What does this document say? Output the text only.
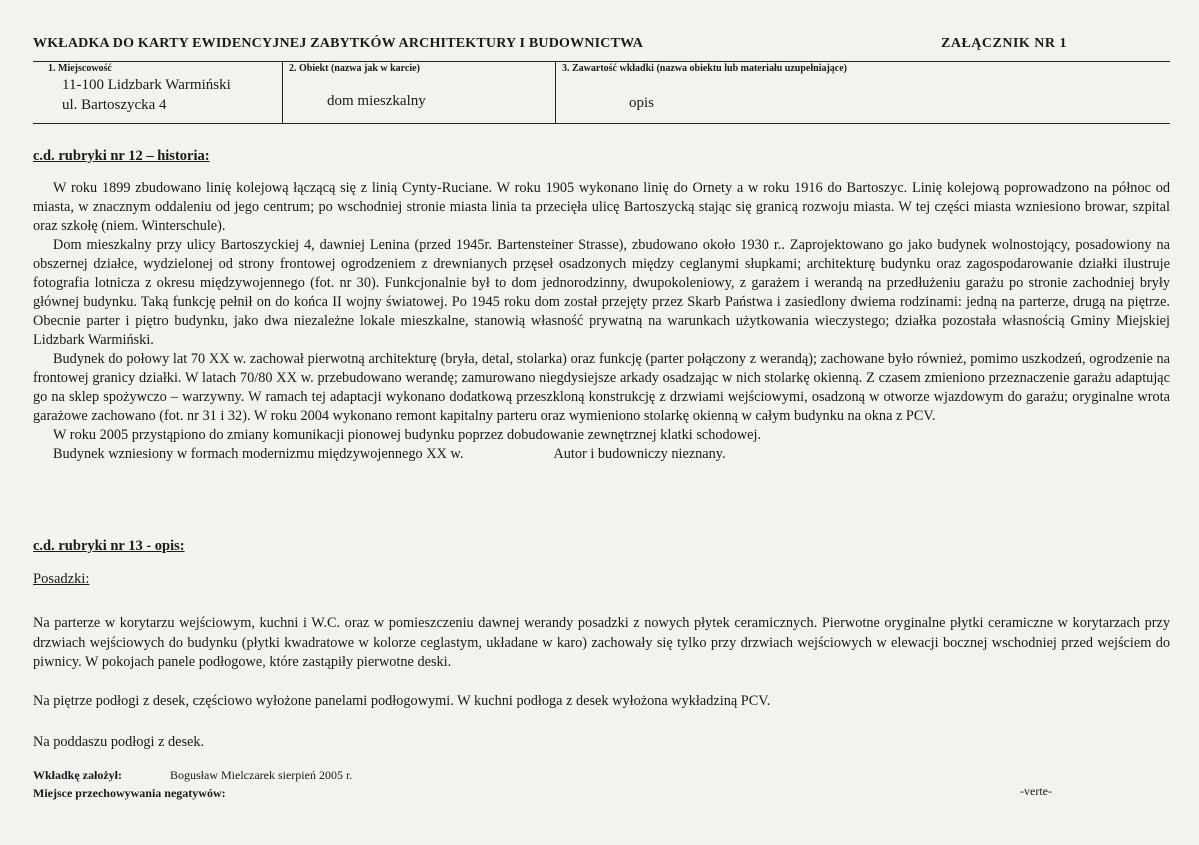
WKŁADKA DO KARTY EWIDENCYJNEJ ZABYTKÓW ARCHITEKTURY I BUDOWNICTWA	ZAŁĄCZNIK NR 1
1. Miejscowość
11-100 Lidzbark Warmiński
ul. Bartoszycka 4
2. Obiekt (nazwa jak w karcie)
dom mieszkalny
3. Zawartość wkładki (nazwa obiektu lub materiału uzupełniające)
opis
c.d. rubryki nr 12 – historia:

W roku 1899 zbudowano linię kolejową łączącą się z linią Cynty-Ruciane. W roku 1905 wykonano linię do Ornety a w roku 1916 do Bartoszyc. Linię kolejową poprowadzono na północ od miasta, w znacznym oddaleniu od jego centrum; po wschodniej stronie miasta linia ta przecięła ulicę Bartoszycką stając się granicą rozwoju miasta. W tej części miasta wzniesiono browar, szpital oraz szkołę (niem. Winterschule).

Dom mieszkalny przy ulicy Bartoszyckiej 4, dawniej Lenina (przed 1945r. Bartensteiner Strasse), zbudowano około 1930 r.. Zaprojektowano go jako budynek wolnostojący, posadowiony na obszernej działce, wydzielonej od strony frontowej ogrodzeniem z drewnianych przęseł osadzonych między ceglanymi słupkami; architekturę budynku oraz zagospodarowanie działki ilustruje fotografia lotnicza z okresu międzywojennego (fot. nr 30). Funkcjonalnie był to dom jednorodzinny, dwupokoleniowy, z garażem i werandą na przedłużeniu garażu po stronie zachodniej bryły głównej budynku. Taką funkcję pełnił on do końca II wojny światowej. Po 1945 roku dom został przejęty przez Skarb Państwa i zasiedlony dwiema rodzinami: jedną na parterze, drugą na piętrze. Obecnie parter i piętro budynku, jako dwa niezależne lokale mieszkalne, stanowią własność prywatną na warunkach użytkowania wieczystego; działka pozostała własnością Gminy Miejskiej Lidzbark Warmiński.

Budynek do połowy lat 70 XX w. zachował pierwotną architekturę (bryła, detal, stolarka) oraz funkcję (parter połączony z werandą); zachowane było również, pomimo uszkodzeń, ogrodzenie na frontowej granicy działki. W latach 70/80 XX w. przebudowano werandę; zamurowano niegdysiejsze arkady osadzając w nich stolarkę okienną. Z czasem zmieniono przeznaczenie garażu adaptując go na sklep spożywczo – warzywny. W ramach tej adaptacji wykonano dodatkową przeszkloną konstrukcję z drzwiami wejściowymi, osadzoną w otworze wjazdowym do garażu; oryginalne wrota garażowe zachowano (fot. nr 31 i 32). W roku 2004 wykonano remont kapitalny parteru oraz wymieniono stolarkę okienną w całym budynku na okna z PCV.

W roku 2005 przystąpiono do zmiany komunikacji pionowej budynku poprzez dobudowanie zewnętrznej klatki schodowej.

Budynek wzniesiony w formach modernizmu międzywojennego XX w.	Autor i budowniczy nieznany.

c.d. rubryki nr 13 - opis:
Posadzki:
Na parterze w korytarzu wejściowym, kuchni i W.C. oraz w pomieszczeniu dawnej werandy posadzki z nowych płytek ceramicznych. Pierwotne oryginalne płytki ceramiczne w korytarzach przy drzwiach wejściowych do budynku (płytki kwadratowe w kolorze ceglastym, układane w karo) zachowały się tylko przy drzwiach wejściowych w elewacji bocznej wschodniej przed wejściem do piwnicy. W pokojach panele podłogowe, które zastąpiły pierwotne deski.
Na piętrze podłogi z desek, częściowo wyłożone panelami podłogowymi. W kuchni podłoga z desek wyłożona wykładziną PCV.
Na poddaszu podłogi z desek.
Wkładkę założył:	Bogusław Mielczarek sierpień 2005 r.
Miejsce przechowywania negatywów:	-verte-
